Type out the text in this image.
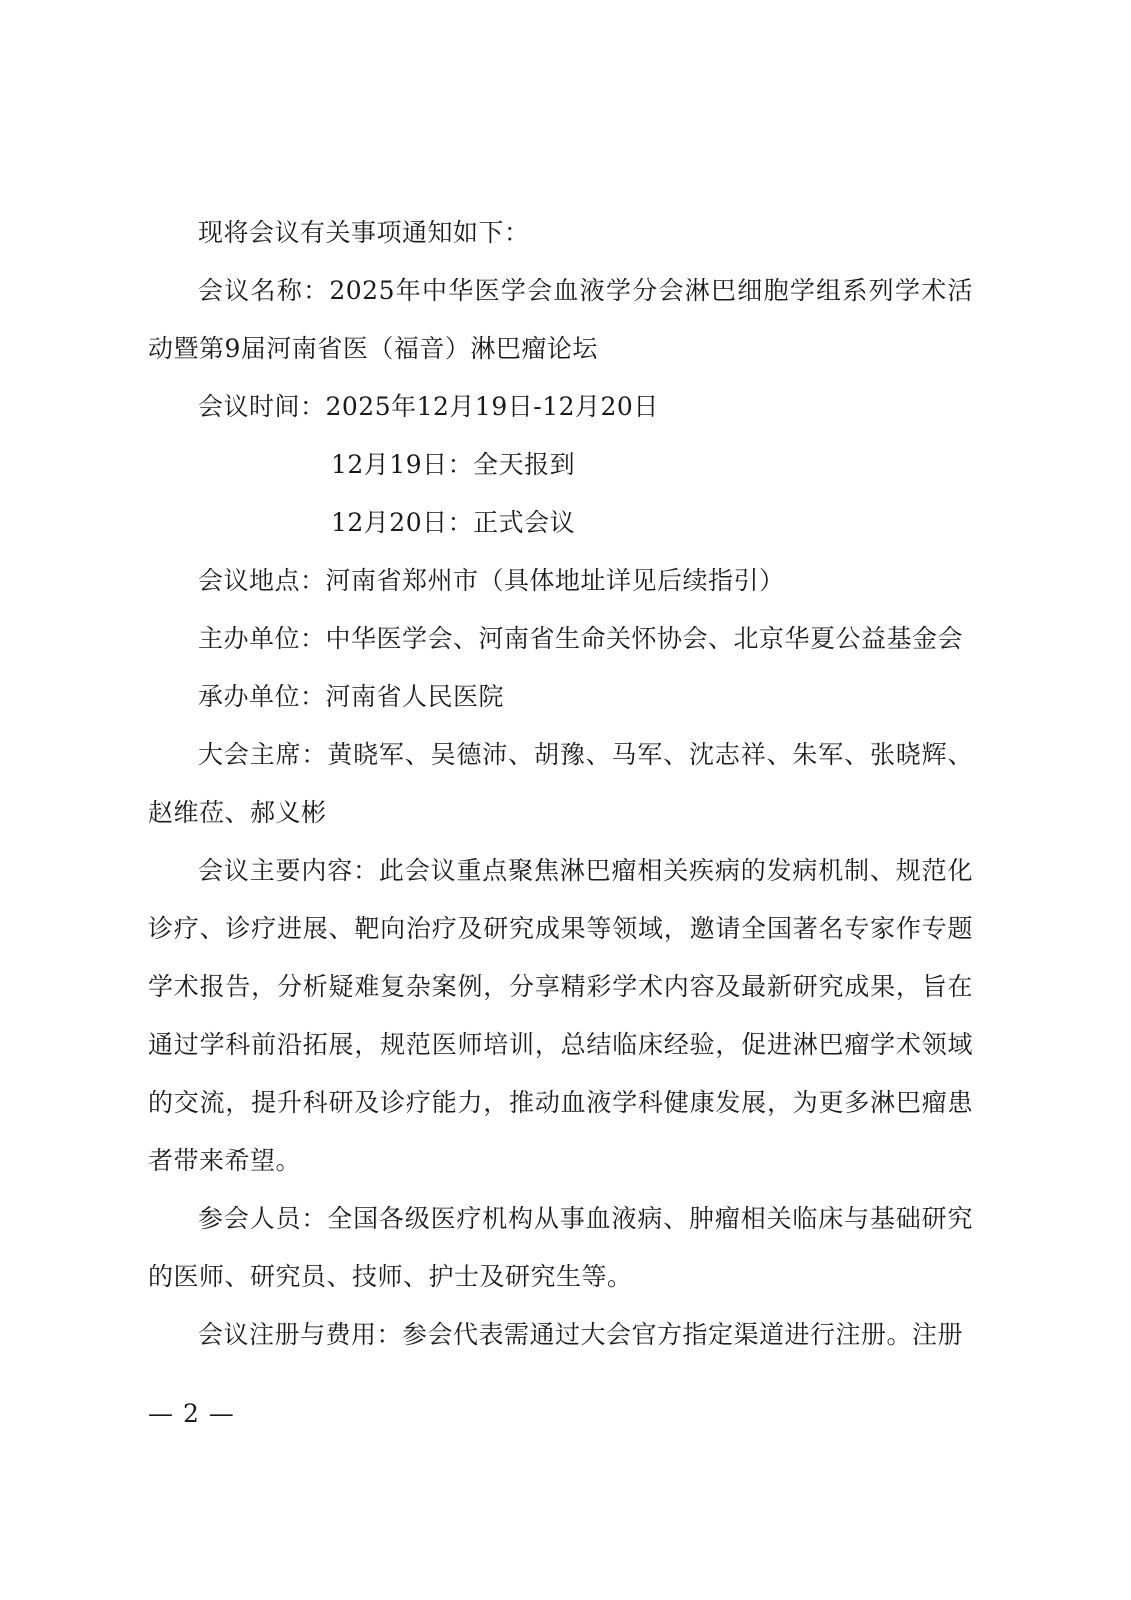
现将会议有关事项通知如下：

会议名称：2025年中华医学会血液学分会淋巴细胞学组系列学术活动暨第9届河南省医（福音）淋巴瘤论坛

会议时间：2025年12月19日-12月20日

12月19日：全天报到

12月20日：正式会议

会议地点：河南省郑州市（具体地址详见后续指引）

主办单位：中华医学会、河南省生命关怀协会、北京华夏公益基金会

承办单位：河南省人民医院

大会主席：黄晓军、吴德沛、胡豫、马军、沈志祥、朱军、张晓辉、赵维莅、郝义彬

会议主要内容：此会议重点聚焦淋巴瘤相关疾病的发病机制、规范化诊疗、诊疗进展、靶向治疗及研究成果等领域，邀请全国著名专家作专题学术报告，分析疑难复杂案例，分享精彩学术内容及最新研究成果，旨在通过学科前沿拓展，规范医师培训，总结临床经验，促进淋巴瘤学术领域的交流，提升科研及诊疗能力，推动血液学科健康发展，为更多淋巴瘤患者带来希望。

参会人员：全国各级医疗机构从事血液病、肿瘤相关临床与基础研究的医师、研究员、技师、护士及研究生等。

会议注册与费用：参会代表需通过大会官方指定渠道进行注册。注册

— 2 —
